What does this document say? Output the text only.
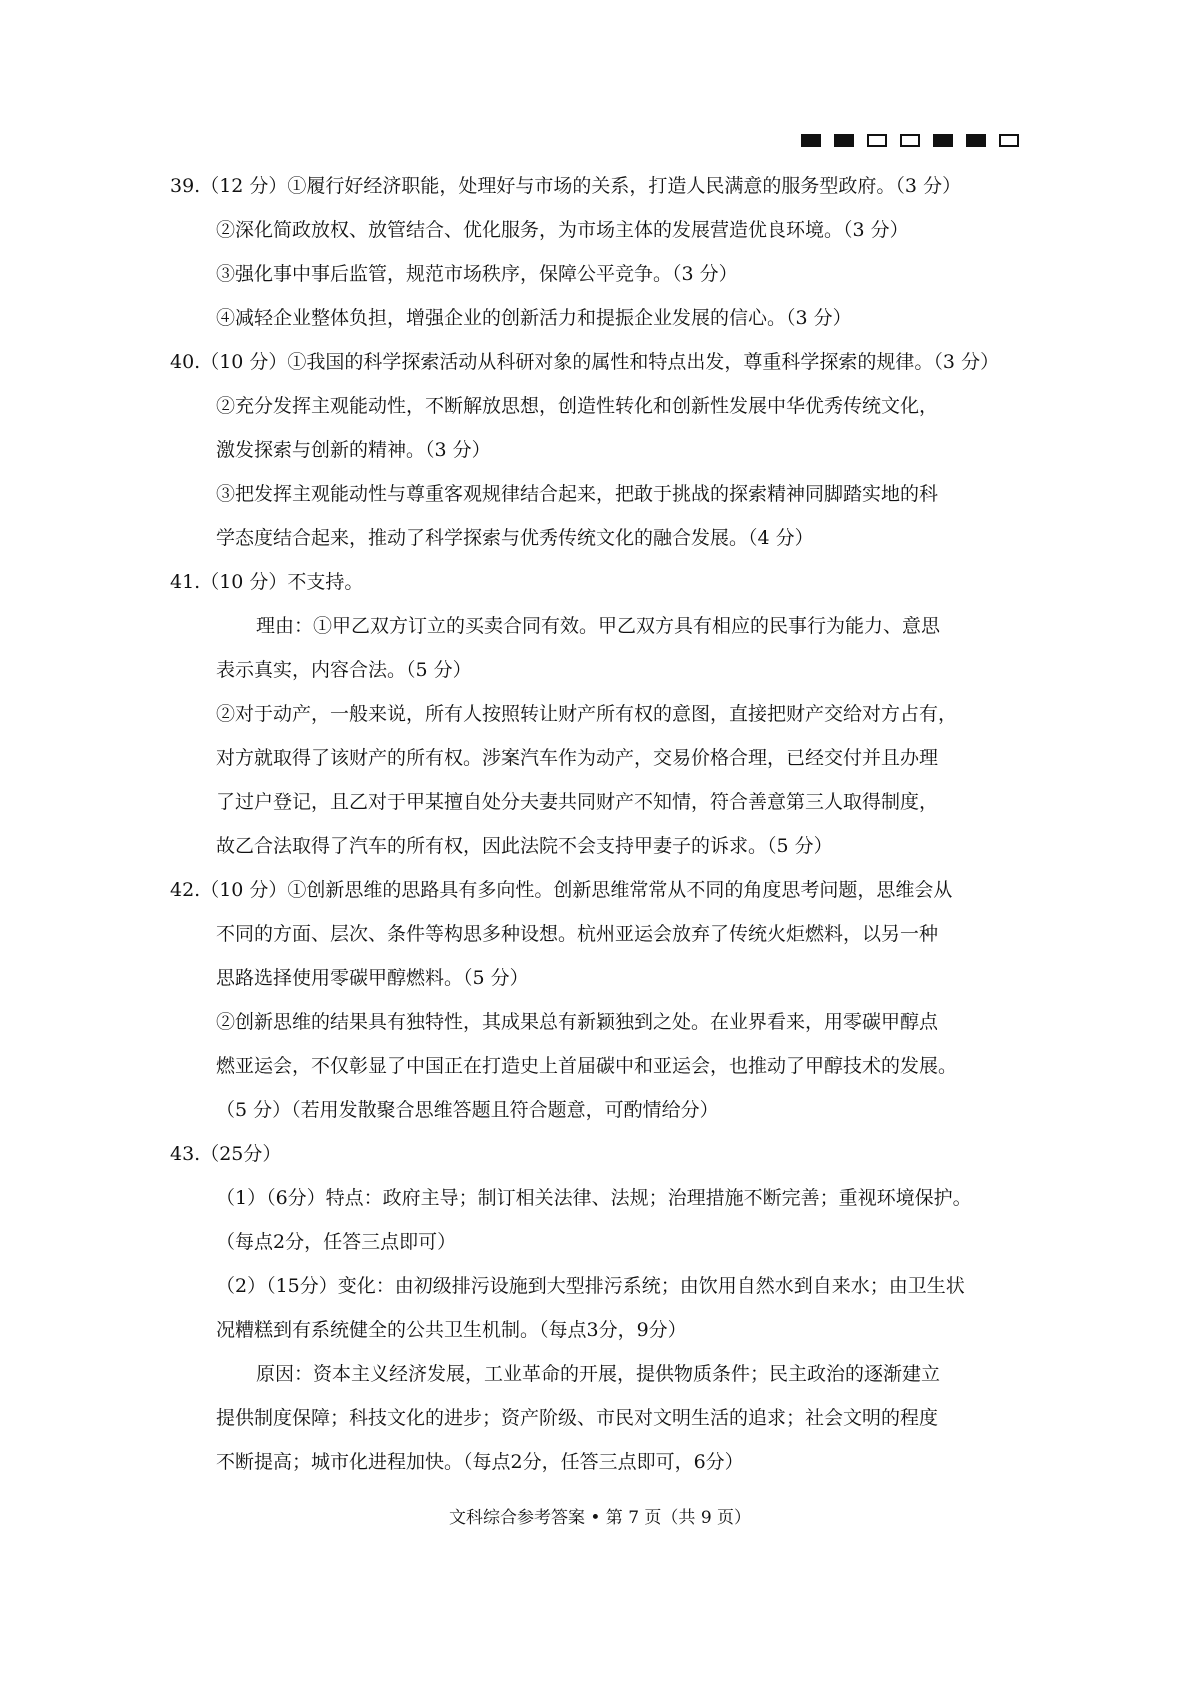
39.（12 分）①履行好经济职能，处理好与市场的关系，打造人民满意的服务型政府。（3 分）
②深化简政放权、放管结合、优化服务，为市场主体的发展营造优良环境。（3 分）
③强化事中事后监管，规范市场秩序，保障公平竞争。（3 分）
④减轻企业整体负担，增强企业的创新活力和提振企业发展的信心。（3 分）
40.（10 分）①我国的科学探索活动从科研对象的属性和特点出发，尊重科学探索的规律。（3 分）
②充分发挥主观能动性，不断解放思想，创造性转化和创新性发展中华优秀传统文化，
激发探索与创新的精神。（3 分）
③把发挥主观能动性与尊重客观规律结合起来，把敢于挑战的探索精神同脚踏实地的科
学态度结合起来，推动了科学探索与优秀传统文化的融合发展。（4 分）
41.（10 分）不支持。
理由：①甲乙双方订立的买卖合同有效。甲乙双方具有相应的民事行为能力、意思
表示真实，内容合法。（5 分）
②对于动产，一般来说，所有人按照转让财产所有权的意图，直接把财产交给对方占有，
对方就取得了该财产的所有权。涉案汽车作为动产，交易价格合理，已经交付并且办理
了过户登记，且乙对于甲某擅自处分夫妻共同财产不知情，符合善意第三人取得制度，
故乙合法取得了汽车的所有权，因此法院不会支持甲妻子的诉求。（5 分）
42.（10 分）①创新思维的思路具有多向性。创新思维常常从不同的角度思考问题，思维会从
不同的方面、层次、条件等构思多种设想。杭州亚运会放弃了传统火炬燃料，以另一种
思路选择使用零碳甲醇燃料。（5 分）
②创新思维的结果具有独特性，其成果总有新颖独到之处。在业界看来，用零碳甲醇点
燃亚运会，不仅彰显了中国正在打造史上首届碳中和亚运会，也推动了甲醇技术的发展。
（5 分）（若用发散聚合思维答题且符合题意，可酌情给分）
43.（25分）
（1）（6分）特点：政府主导；制订相关法律、法规；治理措施不断完善；重视环境保护。
（每点2分，任答三点即可）
（2）（15分）变化：由初级排污设施到大型排污系统；由饮用自然水到自来水；由卫生状
况糟糕到有系统健全的公共卫生机制。（每点3分，9分）
原因：资本主义经济发展，工业革命的开展，提供物质条件；民主政治的逐渐建立
提供制度保障；科技文化的进步；资产阶级、市民对文明生活的追求；社会文明的程度
不断提高；城市化进程加快。（每点2分，任答三点即可，6分）
文科综合参考答案 • 第 7 页（共 9 页）
